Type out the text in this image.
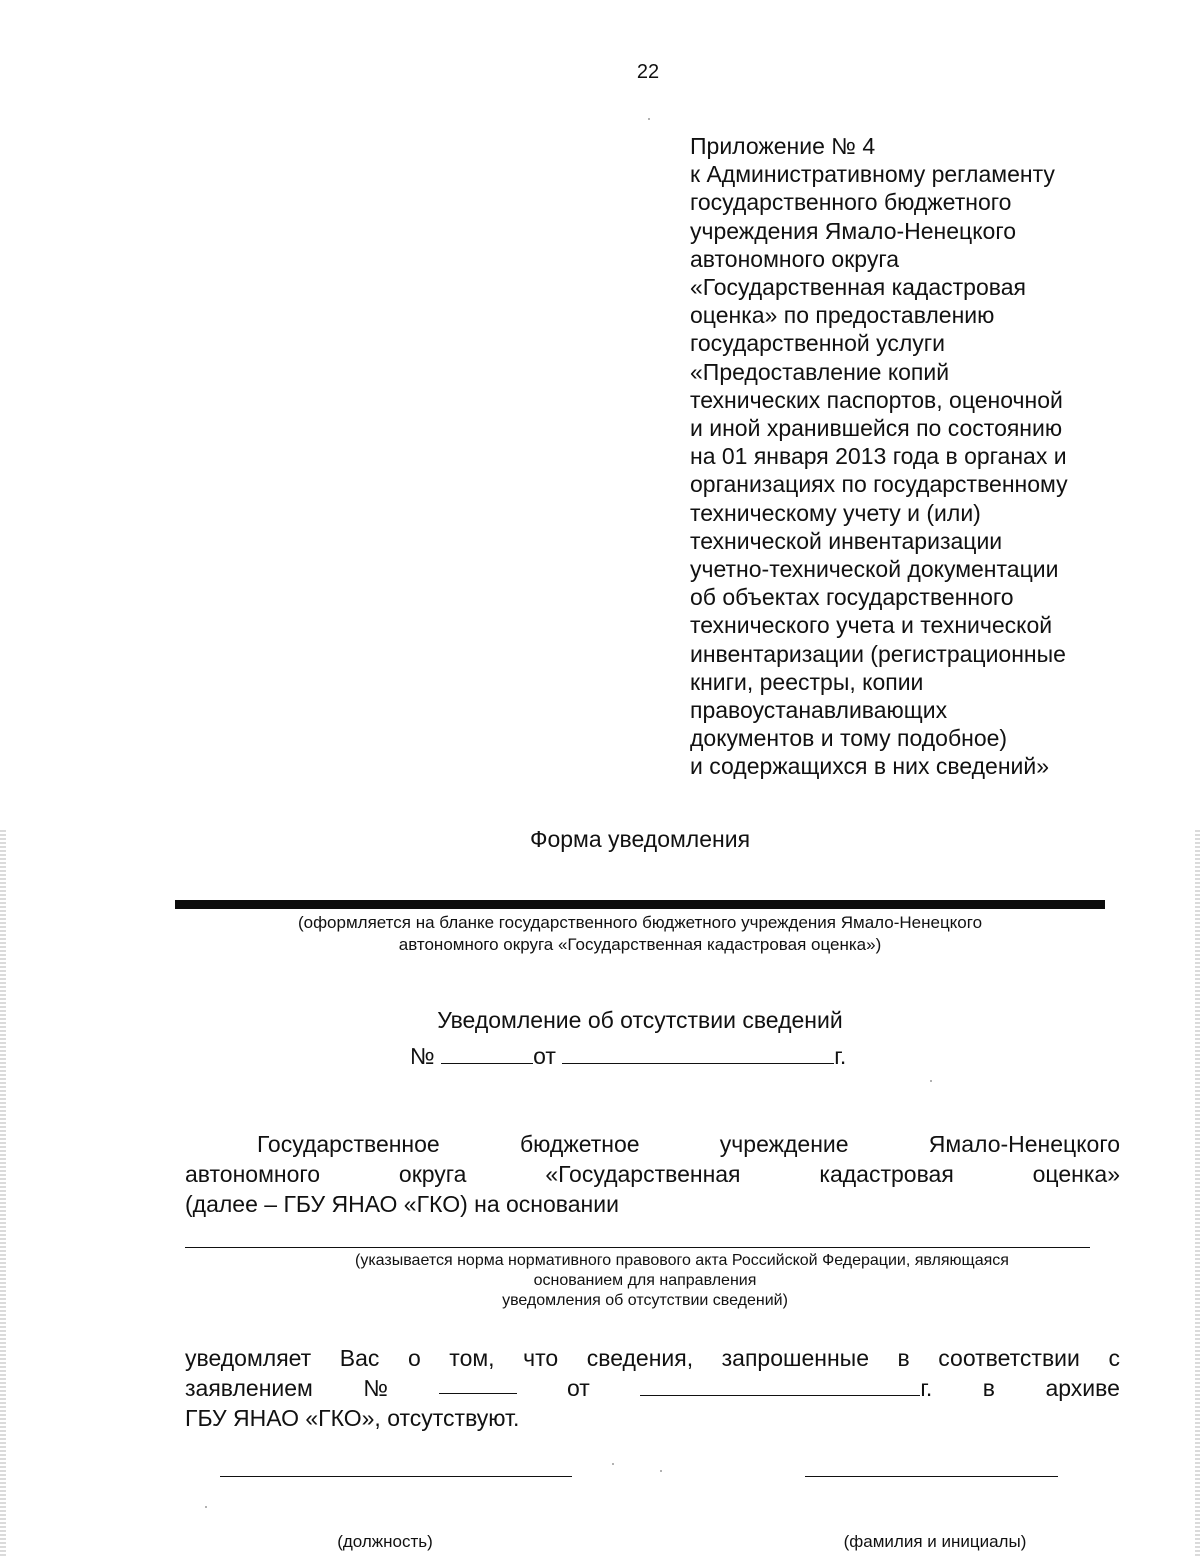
22
Приложение № 4
к Административному регламенту
государственного бюджетного
учреждения Ямало-Ненецкого
автономного округа
«Государственная кадастровая
оценка» по предоставлению
государственной услуги
«Предоставление копий
технических паспортов, оценочной
и иной хранившейся по состоянию
на 01 января 2013 года в органах и
организациях по государственному
техническому учету и (или)
технической инвентаризации
учетно-технической документации
об объектах государственного
технического учета и технической
инвентаризации (регистрационные
книги, реестры, копии
правоустанавливающих
документов и тому подобное)
и содержащихся в них сведений»
Форма уведомления
(оформляется на бланке государственного бюджетного учреждения Ямало-Ненецкого
автономного округа «Государственная кадастровая оценка»)
Уведомление об отсутствии сведений
№	от	г.
Государственное бюджетное учреждение Ямало-Ненецкого
автономного округа «Государственная кадастровая оценка»
(далее – ГБУ ЯНАО «ГКО) на основании
(указывается норма нормативного правового акта Российской Федерации, являющаяся
основанием для направления
уведомления об отсутствии сведений)
уведомляет Вас о том, что сведения, запрошенные в соответствии с
заявлением №	от	г. в архиве
ГБУ ЯНАО «ГКО», отсутствуют.
(должность)	(фамилия и инициалы)
